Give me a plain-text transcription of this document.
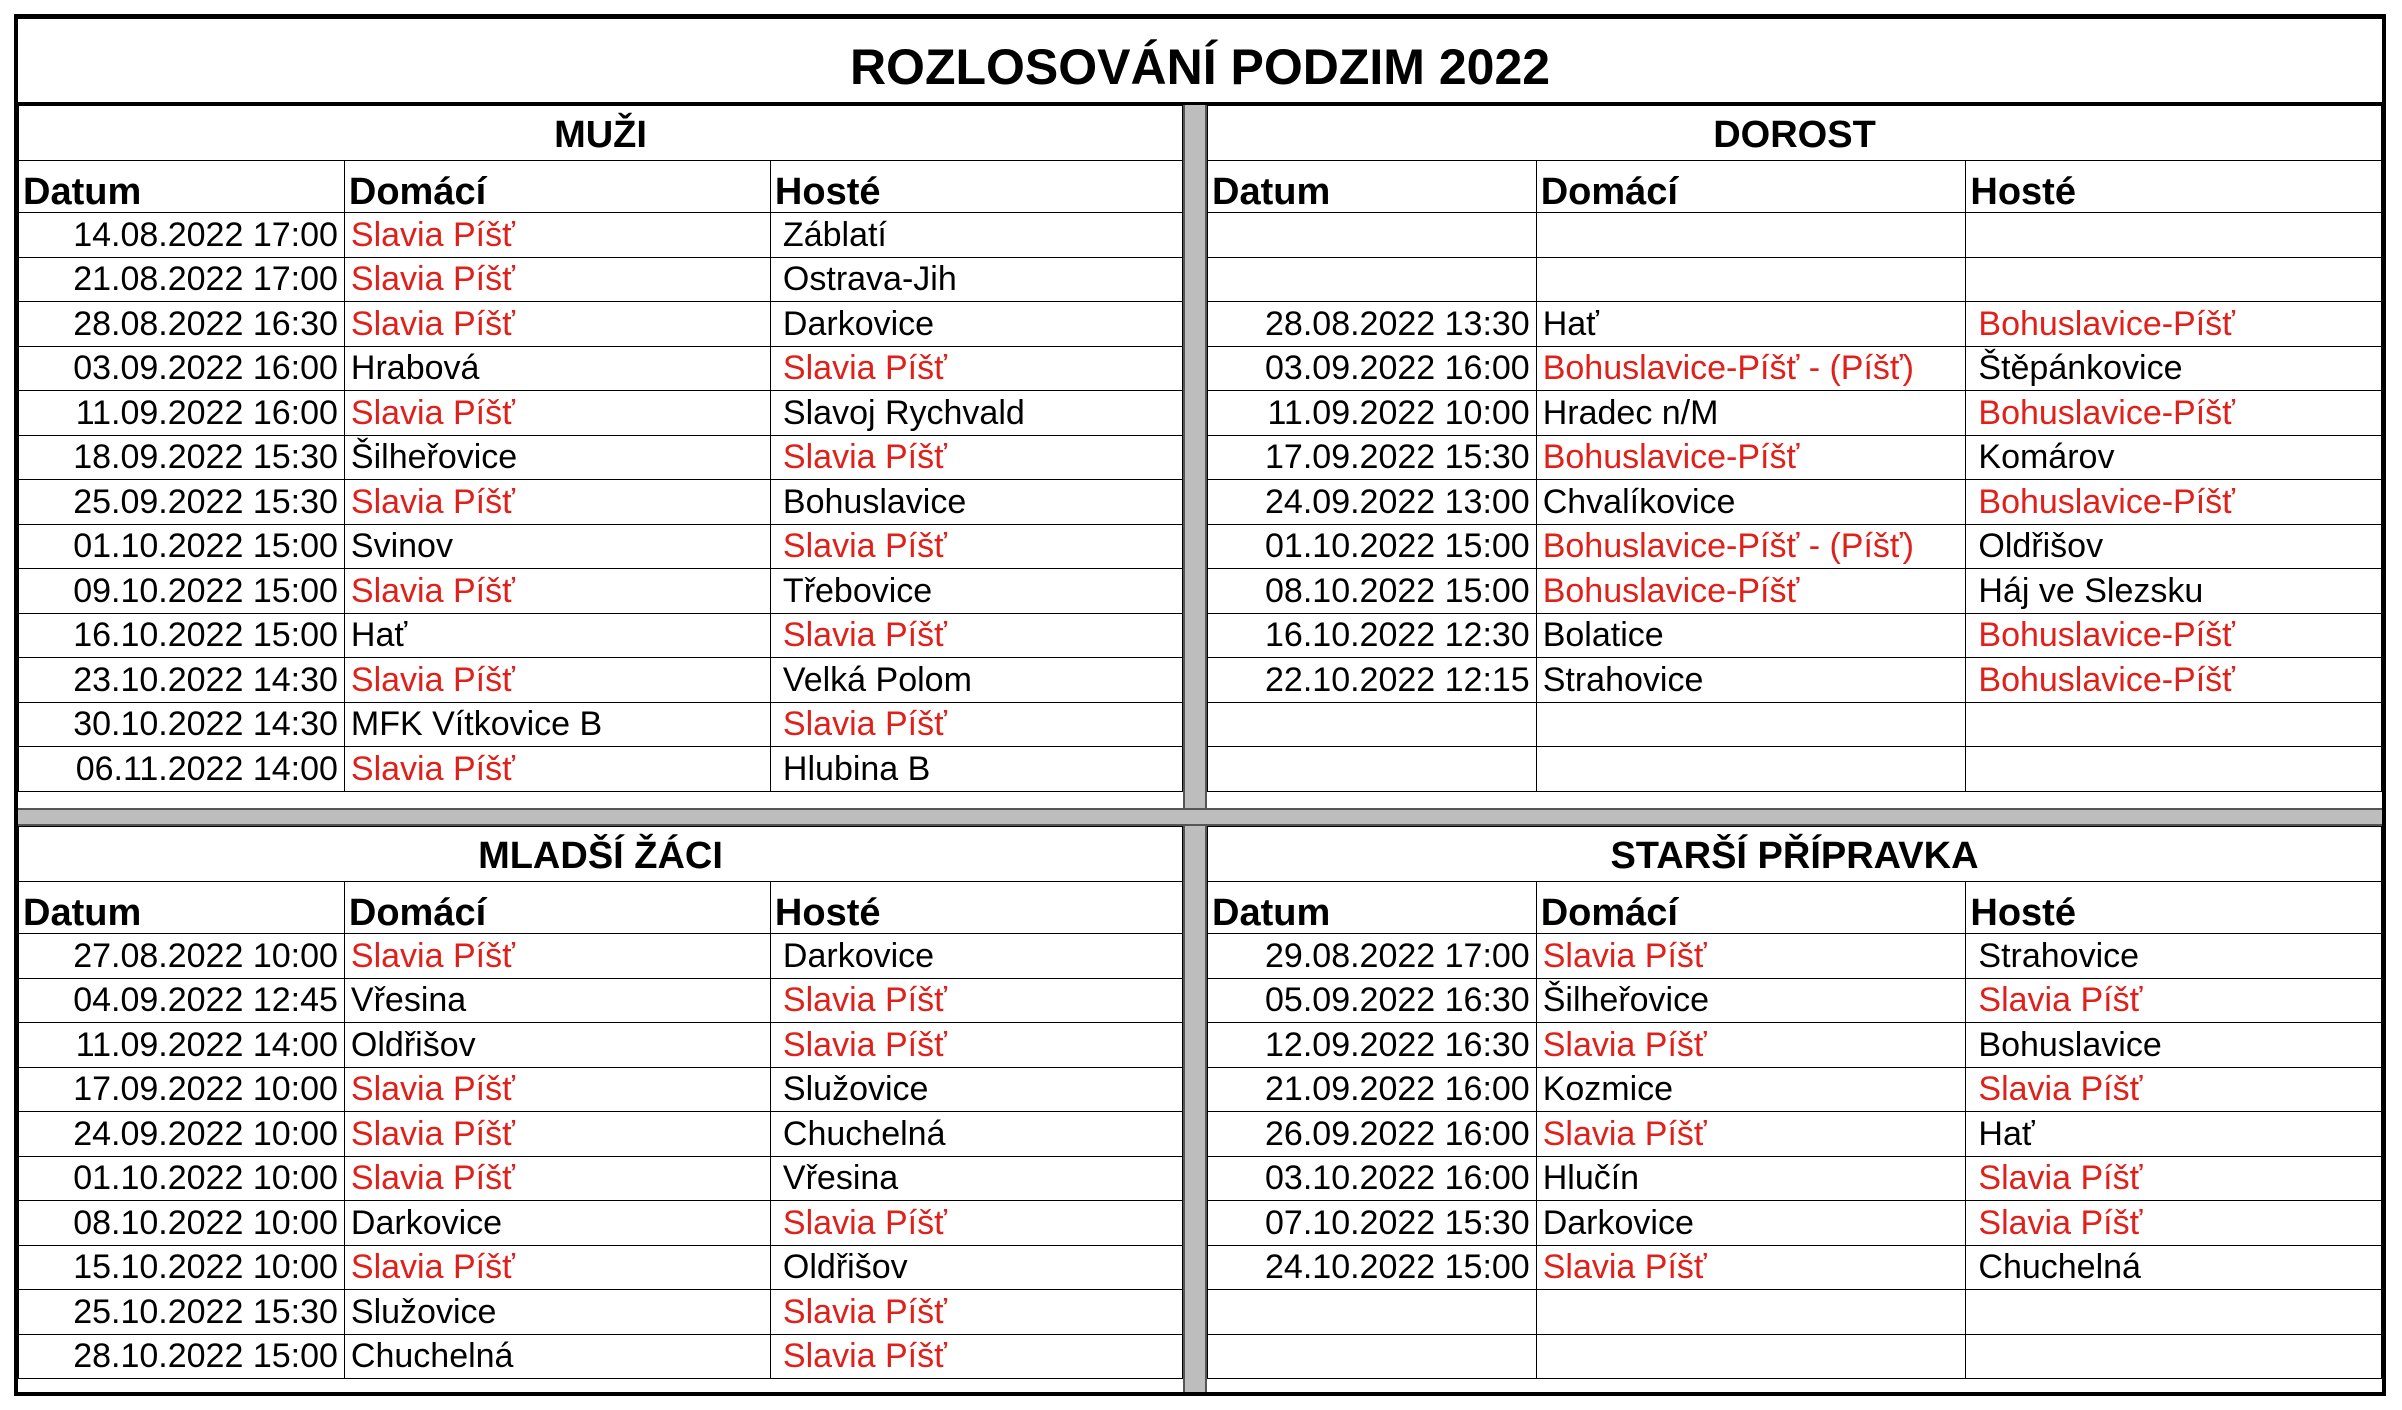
ROZLOSOVÁNÍ PODZIM 2022
MUŽI		
Datum	Domácí	Hosté

14.08.2022 17:00	Slavia Píšť	Záblatí

21.08.2022 17:00	Slavia Píšť	Ostrava-Jih

28.08.2022 16:30	Slavia Píšť	Darkovice

03.09.2022 16:00	Hrabová	Slavia Píšť

11.09.2022 16:00	Slavia Píšť	Slavoj Rychvald

18.09.2022 15:30	Šilheřovice	Slavia Píšť

25.09.2022 15:30	Slavia Píšť	Bohuslavice

01.10.2022 15:00	Svinov	Slavia Píšť

09.10.2022 15:00	Slavia Píšť	Třebovice

16.10.2022 15:00	Hať	Slavia Píšť

23.10.2022 14:30	Slavia Píšť	Velká Polom

30.10.2022 14:30	MFK Vítkovice B	Slavia Píšť

06.11.2022 14:00	Slavia Píšť	Hlubina B
DOROST		
Datum	Domácí	Hosté

28.08.2022 13:30	Hať	Bohuslavice-Píšť

03.09.2022 16:00	Bohuslavice-Píšť - (Píšť)	Štěpánkovice

11.09.2022 10:00	Hradec n/M	Bohuslavice-Píšť

17.09.2022 15:30	Bohuslavice-Píšť	Komárov

24.09.2022 13:00	Chvalíkovice	Bohuslavice-Píšť

01.10.2022 15:00	Bohuslavice-Píšť - (Píšť)	Oldřišov

08.10.2022 15:00	Bohuslavice-Píšť	Háj ve Slezsku

16.10.2022 12:30	Bolatice	Bohuslavice-Píšť

22.10.2022 12:15	Strahovice	Bohuslavice-Píšť

MLADŠÍ ŽÁCI		
Datum	Domácí	Hosté

27.08.2022 10:00	Slavia Píšť	Darkovice

04.09.2022 12:45	Vřesina	Slavia Píšť

11.09.2022 14:00	Oldřišov	Slavia Píšť

17.09.2022 10:00	Slavia Píšť	Služovice

24.09.2022 10:00	Slavia Píšť	Chuchelná

01.10.2022 10:00	Slavia Píšť	Vřesina

08.10.2022 10:00	Darkovice	Slavia Píšť

15.10.2022 10:00	Slavia Píšť	Oldřišov

25.10.2022 15:30	Služovice	Slavia Píšť

28.10.2022 15:00	Chuchelná	Slavia Píšť
STARŠÍ PŘÍPRAVKA		
Datum	Domácí	Hosté

29.08.2022 17:00	Slavia Píšť	Strahovice

05.09.2022 16:30	Šilheřovice	Slavia Píšť

12.09.2022 16:30	Slavia Píšť	Bohuslavice

21.09.2022 16:00	Kozmice	Slavia Píšť

26.09.2022 16:00	Slavia Píšť	Hať

03.10.2022 16:00	Hlučín	Slavia Píšť

07.10.2022 15:30	Darkovice	Slavia Píšť

24.10.2022 15:00	Slavia Píšť	Chuchelná
